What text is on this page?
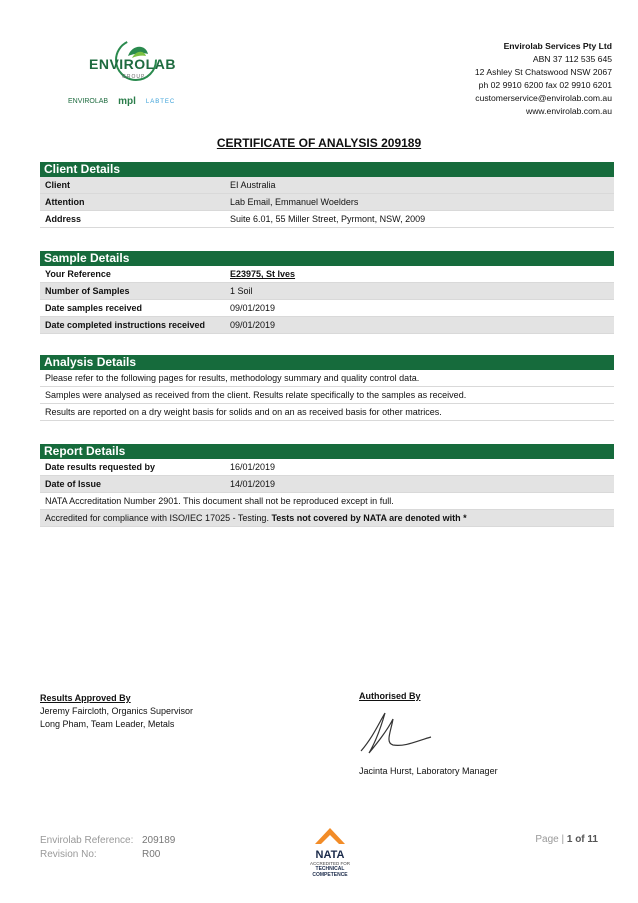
ENVIROLAB
GROUP
ENVIROLAB mpl LABTEC
Envirolab Services Pty Ltd
ABN 37 112 535 645
12 Ashley St Chatswood NSW 2067
ph 02 9910 6200 fax 02 9910 6201
customerservice@envirolab.com.au
www.envirolab.com.au
CERTIFICATE OF ANALYSIS 209189
Client Details
Client	EI Australia
Attention	Lab Email, Emmanuel Woelders
Address	Suite 6.01, 55 Miller Street, Pyrmont, NSW, 2009
Sample Details
Your Reference	E23975, St Ives
Number of Samples	1 Soil
Date samples received	09/01/2019
Date completed instructions received	09/01/2019
Analysis Details
Please refer to the following pages for results, methodology summary and quality control data.
Samples were analysed as received from the client. Results relate specifically to the samples as received.
Results are reported on a dry weight basis for solids and on an as received basis for other matrices.
Report Details
Date results requested by	16/01/2019
Date of Issue	14/01/2019
NATA Accreditation Number 2901. This document shall not be reproduced except in full.
Accredited for compliance with ISO/IEC 17025 - Testing. Tests not covered by NATA are denoted with *
Results Approved By
Jeremy Faircloth, Organics Supervisor
Long Pham, Team Leader, Metals
Authorised By
Jacinta Hurst, Laboratory Manager
Envirolab Reference: 209189
Revision No:	R00	NATA
ACCREDITED FOR
TECHNICAL
COMPETENCE
Page | 1 of 11
